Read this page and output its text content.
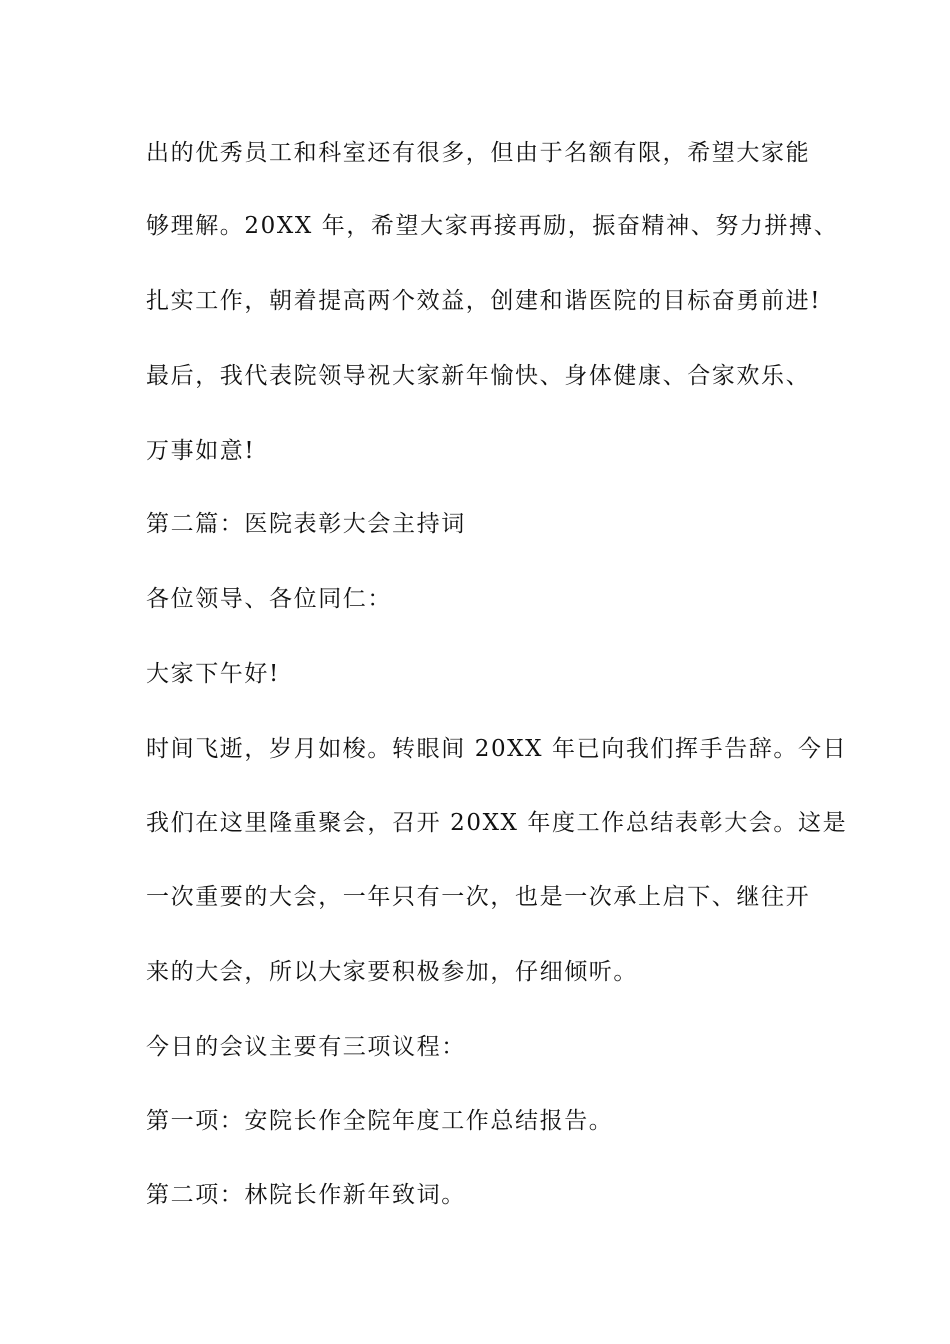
出的优秀员工和科室还有很多，但由于名额有限，希望大家能

够理解。20XX 年，希望大家再接再励，振奋精神、努力拼搏、

扎实工作，朝着提高两个效益，创建和谐医院的目标奋勇前进!

最后，我代表院领导祝大家新年愉快、身体健康、合家欢乐、

万事如意!

第二篇：医院表彰大会主持词

各位领导、各位同仁：

大家下午好!

时间飞逝，岁月如梭。转眼间 20XX 年已向我们挥手告辞。今日

我们在这里隆重聚会，召开 20XX 年度工作总结表彰大会。这是

一次重要的大会，一年只有一次，也是一次承上启下、继往开

来的大会，所以大家要积极参加，仔细倾听。

今日的会议主要有三项议程：

第一项：安院长作全院年度工作总结报告。

第二项：林院长作新年致词。
